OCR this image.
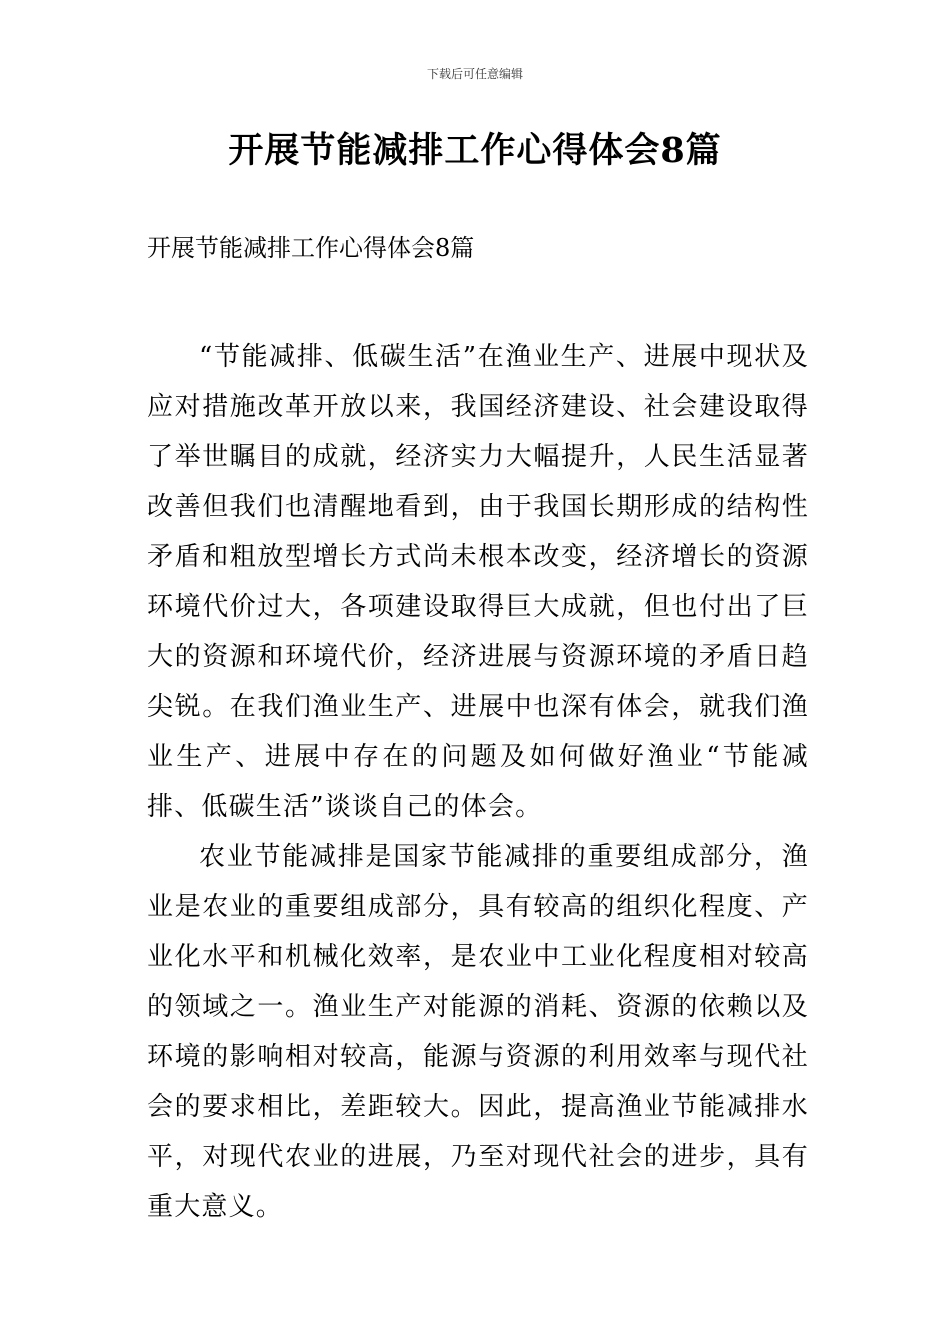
下载后可任意编辑
开展节能减排工作心得体会8篇
开展节能减排工作心得体会8篇

“节能减排、低碳生活”在渔业生产、进展中现状及应对措施改革开放以来，我国经济建设、社会建设取得了举世瞩目的成就，经济实力大幅提升，人民生活显著改善但我们也清醒地看到，由于我国长期形成的结构性矛盾和粗放型增长方式尚未根本改变，经济增长的资源环境代价过大，各项建设取得巨大成就，但也付出了巨大的资源和环境代价，经济进展与资源环境的矛盾日趋尖锐。在我们渔业生产、进展中也深有体会，就我们渔业生产、进展中存在的问题及如何做好渔业“节能减排、低碳生活”谈谈自己的体会。

农业节能减排是国家节能减排的重要组成部分，渔业是农业的重要组成部分，具有较高的组织化程度、产业化水平和机械化效率，是农业中工业化程度相对较高的领域之一。渔业生产对能源的消耗、资源的依赖以及环境的影响相对较高，能源与资源的利用效率与现代社会的要求相比，差距较大。因此，提高渔业节能减排水平，对现代农业的进展，乃至对现代社会的进步，具有重大意义。
